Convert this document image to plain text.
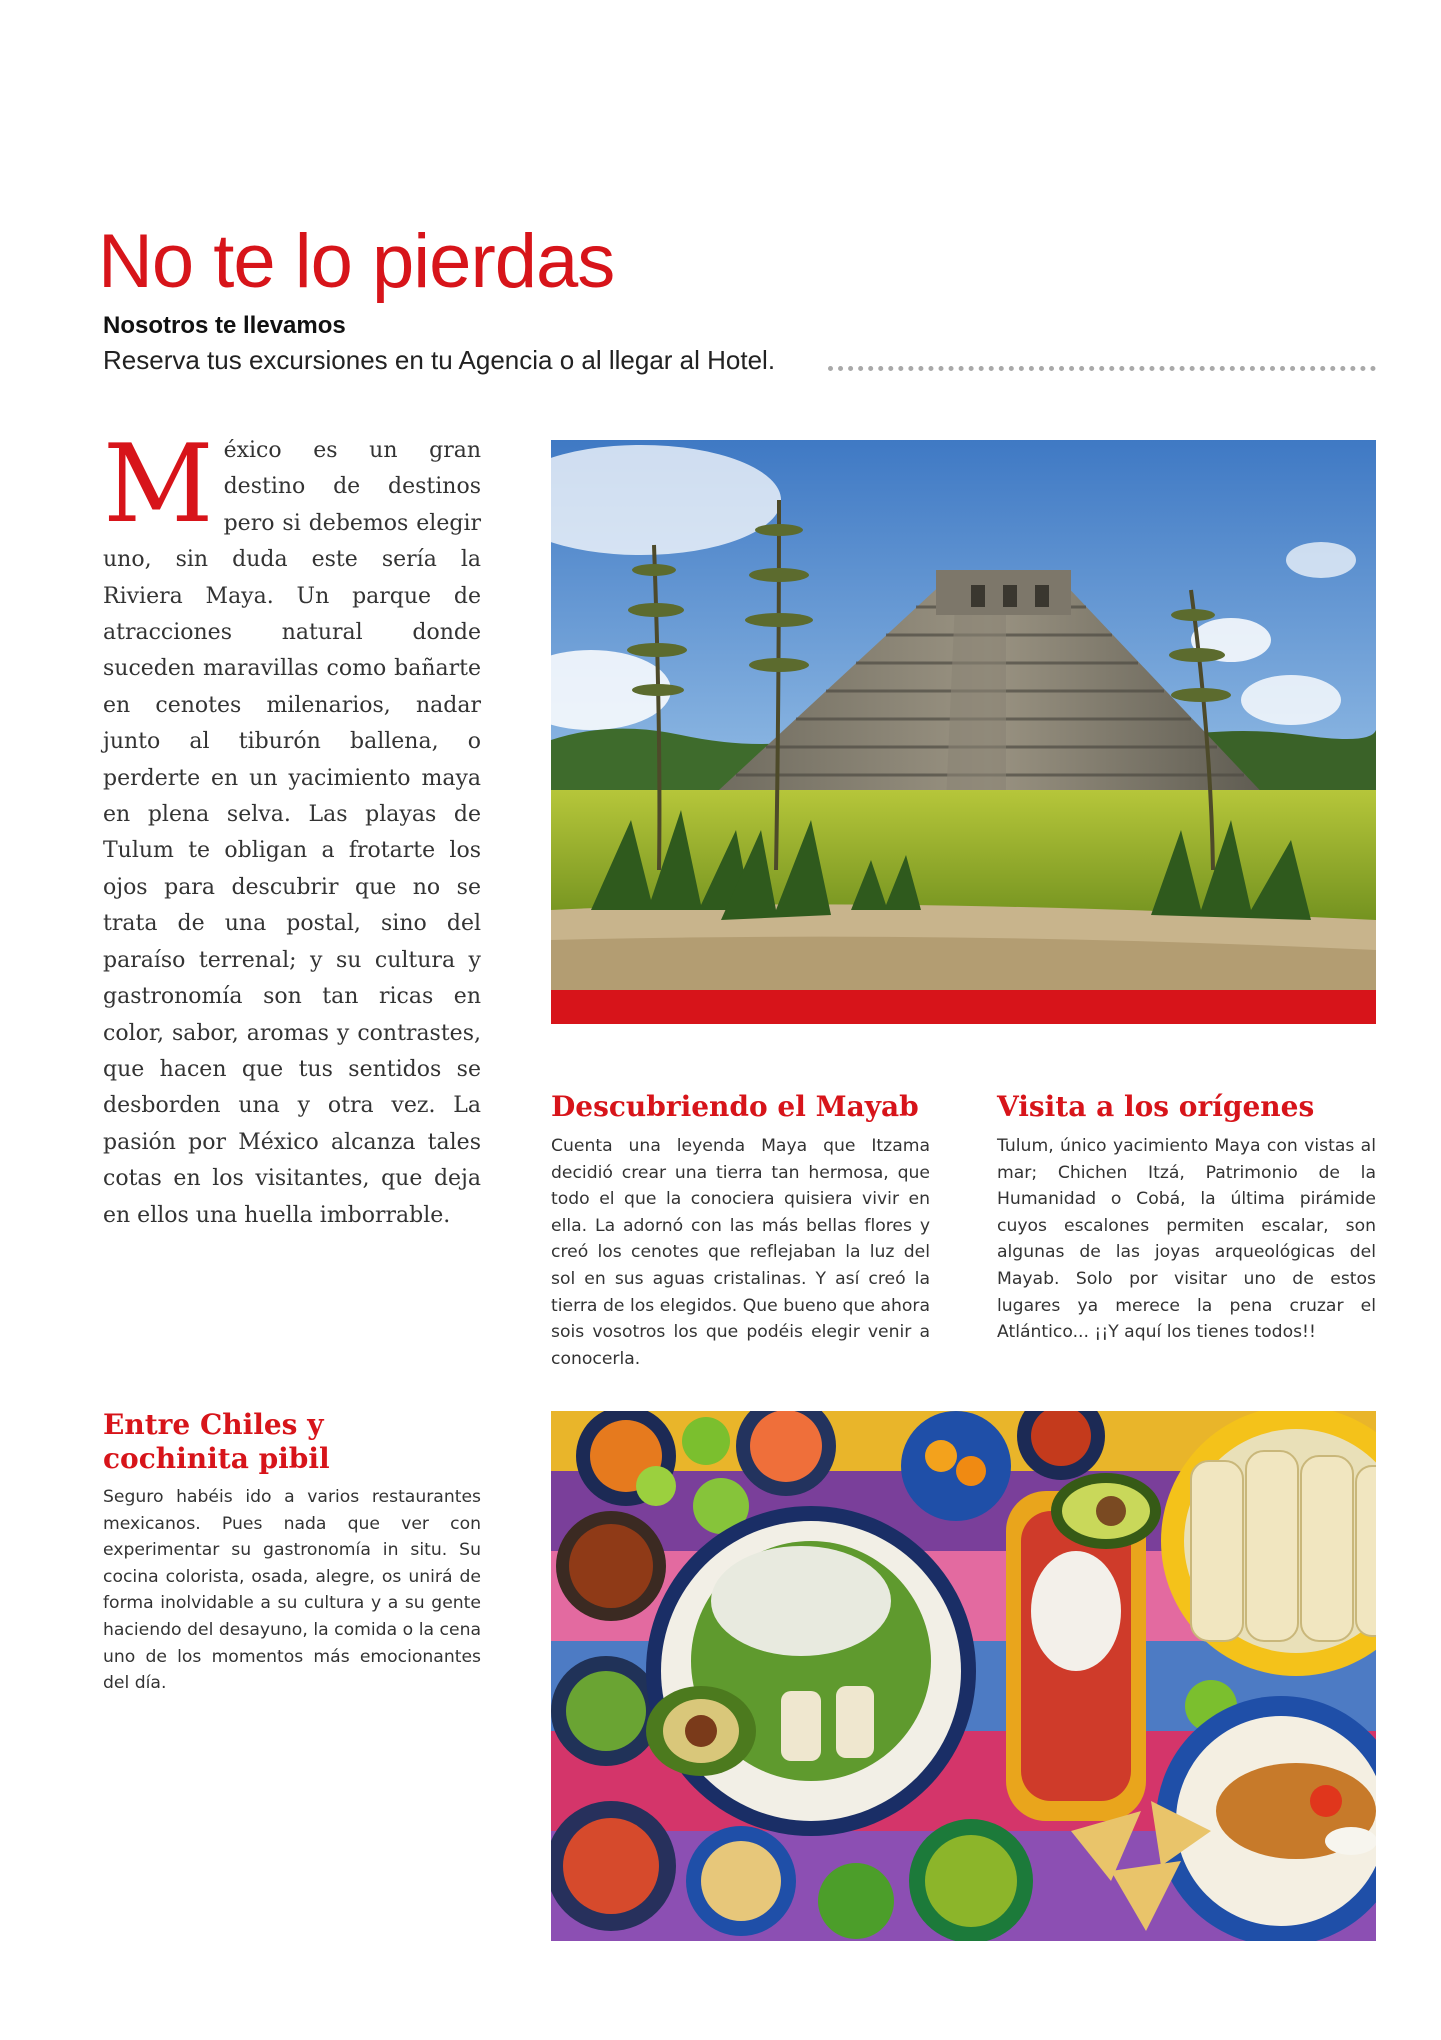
No te lo pierdas
Nosotros te llevamos
Reserva tus excursiones en tu Agencia o al llegar al Hotel.
México es un gran destino de destinos pero si debemos elegir uno, sin duda este sería la Riviera Maya. Un parque de atracciones natural donde suceden maravillas como bañarte en cenotes milenarios, nadar junto al tiburón ballena, o perderte en un yacimiento maya en plena selva. Las playas de Tulum te obligan a frotarte los ojos para descubrir que no se trata de una postal, sino del paraíso terrenal; y su cultura y gastronomía son tan ricas en color, sabor, aromas y contrastes, que hacen que tus sentidos se desborden una y otra vez. La pasión por México alcanza tales cotas en los visitantes, que deja en ellos una huella imborrable.
Descubriendo el Mayab
Cuenta una leyenda Maya que Itzama decidió crear una tierra tan hermosa, que todo el que la conociera quisiera vivir en ella. La adornó con las más bellas flores y creó los cenotes que reflejaban la luz del sol en sus aguas cristalinas. Y así creó la tierra de los elegidos. Que bueno que ahora sois vosotros los que podéis elegir venir a conocerla.
Visita a los orígenes
Tulum, único yacimiento Maya con vistas al mar; Chichen Itzá, Patrimonio de la Humanidad o Cobá, la última pirámide cuyos escalones permiten escalar, son algunas de las joyas arqueológicas del Mayab. Solo por visitar uno de estos lugares ya merece la pena cruzar el Atlántico... ¡¡Y aquí los tienes todos!!
Entre Chiles y
cochinita pibil
Seguro habéis ido a varios restaurantes mexicanos. Pues nada que ver con experimentar su gastronomía in situ. Su cocina colorista, osada, alegre, os unirá de forma inolvidable a su cultura y a su gente haciendo del desayuno, la comida o la cena uno de los momentos más emocionantes del día.
